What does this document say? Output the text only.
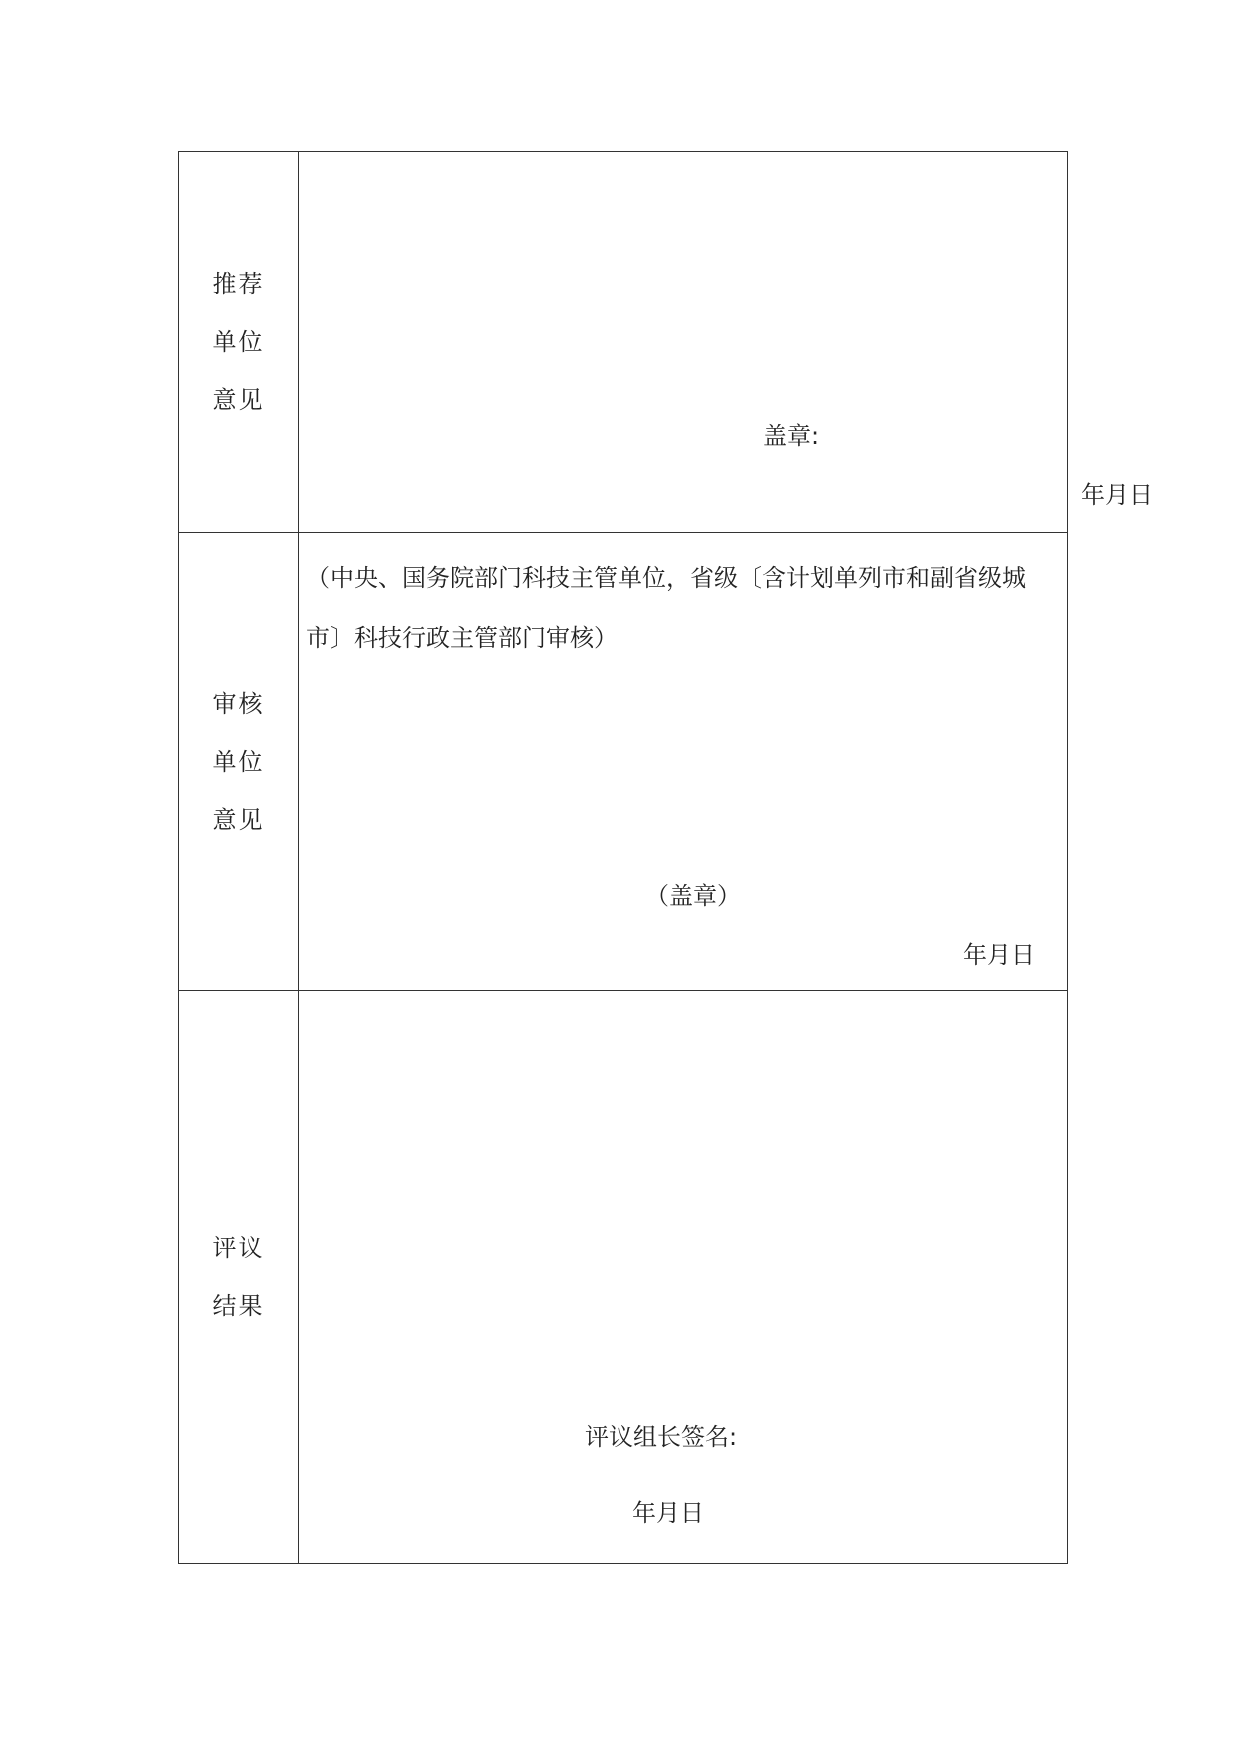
推荐
单位
意见
盖章:
年月日
审核
单位
意见
（中央、国务院部门科技主管单位，省级〔含计划单列市和副省级城
市〕科技行政主管部门审核）
（盖章）
年月日
评议
结果
评议组长签名:
年月日
